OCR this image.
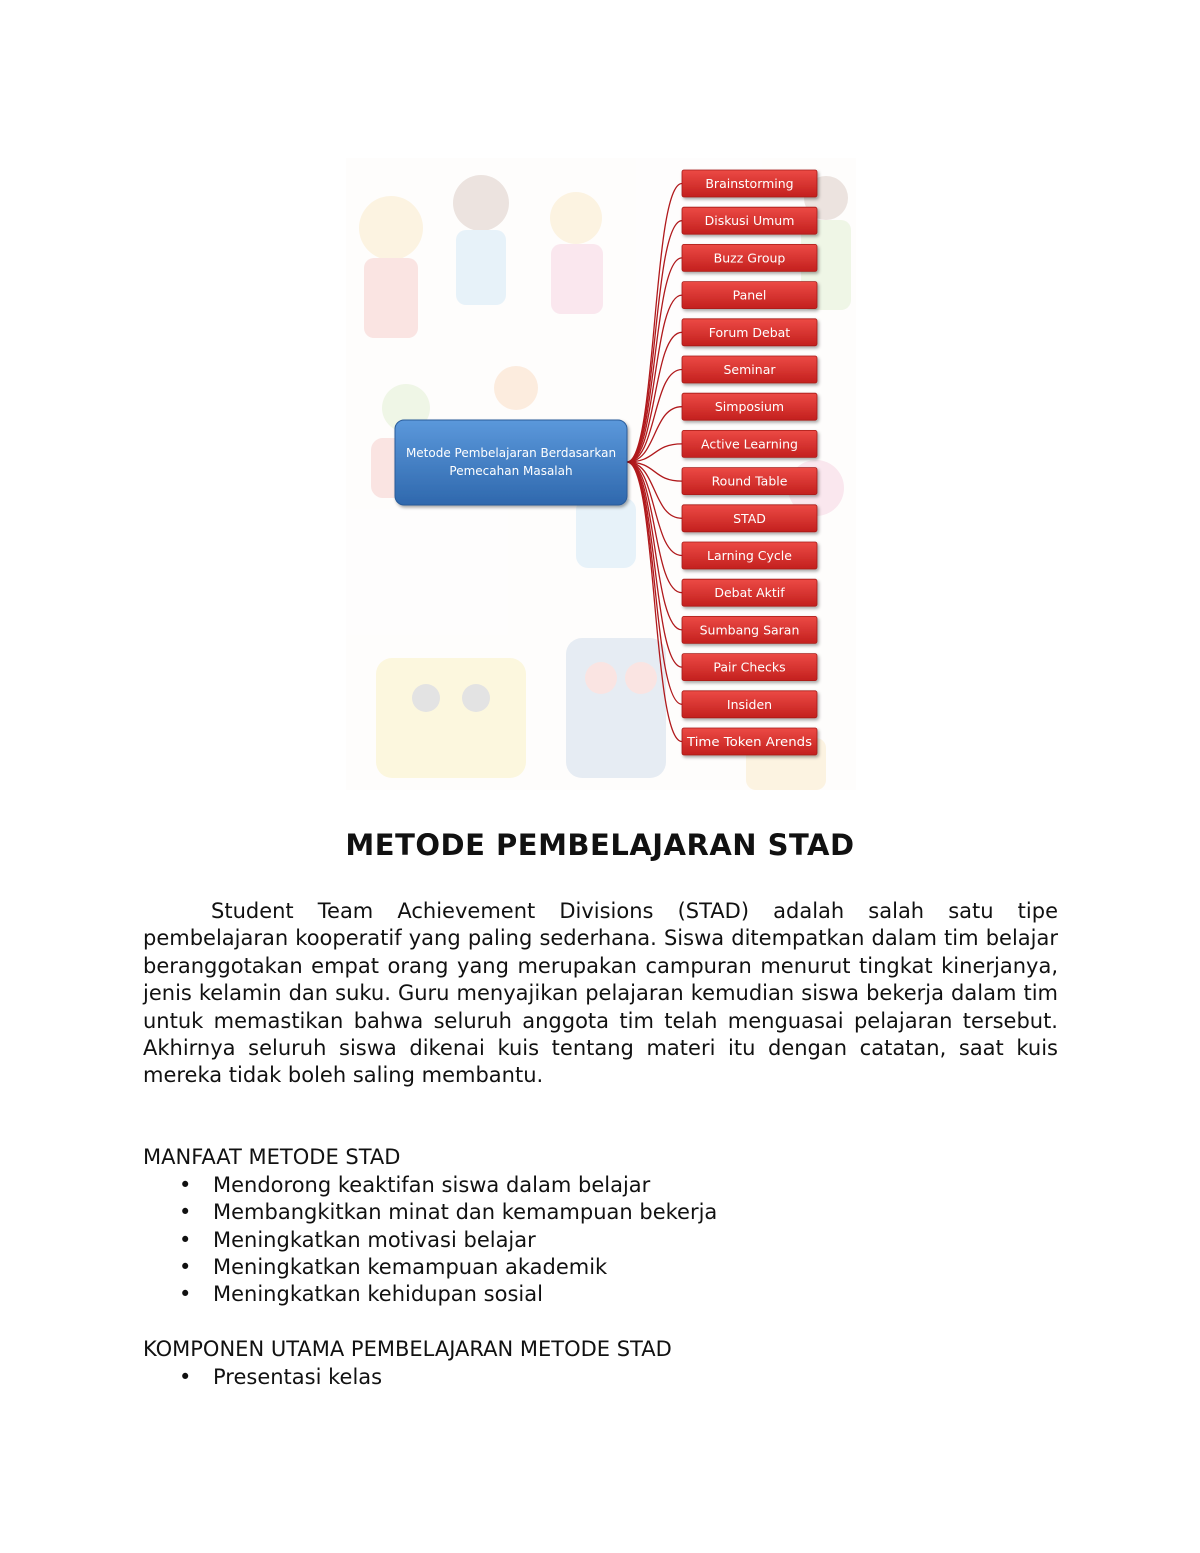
Metode Pembelajaran Berdasarkan
Pemecahan Masalah
Brainstorming
Diskusi Umum
Buzz Group
Panel
Forum Debat
Seminar
Simposium
Active Learning
Round Table
STAD
Larning Cycle
Debat Aktif
Sumbang Saran
Pair Checks
Insiden
Time Token Arends
METODE PEMBELAJARAN STAD

Student Team Achievement Divisions (STAD) adalah salah satu tipe pembelajaran kooperatif yang paling sederhana. Siswa ditempatkan dalam tim belajar beranggotakan empat orang yang merupakan campuran menurut tingkat kinerjanya, jenis kelamin dan suku. Guru menyajikan pelajaran kemudian siswa bekerja dalam tim untuk memastikan bahwa seluruh anggota tim telah menguasai pelajaran tersebut. Akhirnya seluruh siswa dikenai kuis tentang materi itu dengan catatan, saat kuis mereka tidak boleh saling membantu.

MANFAAT METODE STAD
• Mendorong keaktifan siswa dalam belajar
• Membangkitkan minat dan kemampuan bekerja
• Meningkatkan motivasi belajar
• Meningkatkan kemampuan akademik
• Meningkatkan kehidupan sosial
KOMPONEN UTAMA PEMBELAJARAN METODE STAD
• Presentasi kelas
